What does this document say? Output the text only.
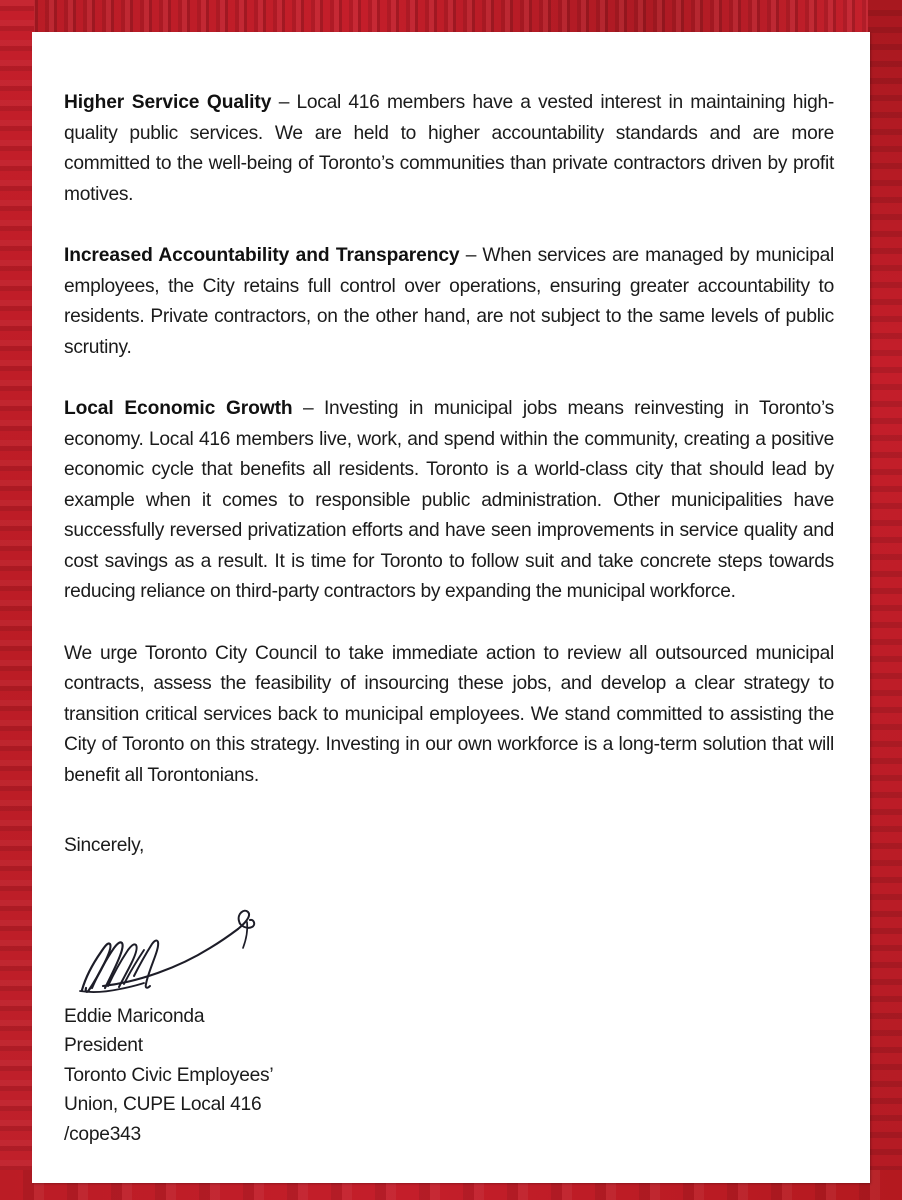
Higher Service Quality – Local 416 members have a vested interest in maintaining high-quality public services. We are held to higher accountability standards and are more committed to the well-being of Toronto’s communities than private contractors driven by profit motives.

Increased Accountability and Transparency – When services are managed by municipal employees, the City retains full control over operations, ensuring greater accountability to residents. Private contractors, on the other hand, are not subject to the same levels of public scrutiny.

Local Economic Growth – Investing in municipal jobs means reinvesting in Toronto’s economy. Local 416 members live, work, and spend within the community, creating a positive economic cycle that benefits all residents. Toronto is a world-class city that should lead by example when it comes to responsible public administration. Other municipalities have successfully reversed privatization efforts and have seen improvements in service quality and cost savings as a result. It is time for Toronto to follow suit and take concrete steps towards reducing reliance on third-party contractors by expanding the municipal workforce.

We urge Toronto City Council to take immediate action to review all outsourced municipal contracts, assess the feasibility of insourcing these jobs, and develop a clear strategy to transition critical services back to municipal employees. We stand committed to assisting the City of Toronto on this strategy. Investing in our own workforce is a long-term solution that will benefit all Torontonians.

Sincerely,

Eddie Mariconda
President
Toronto Civic Employees’
Union, CUPE Local 416
/cope343
